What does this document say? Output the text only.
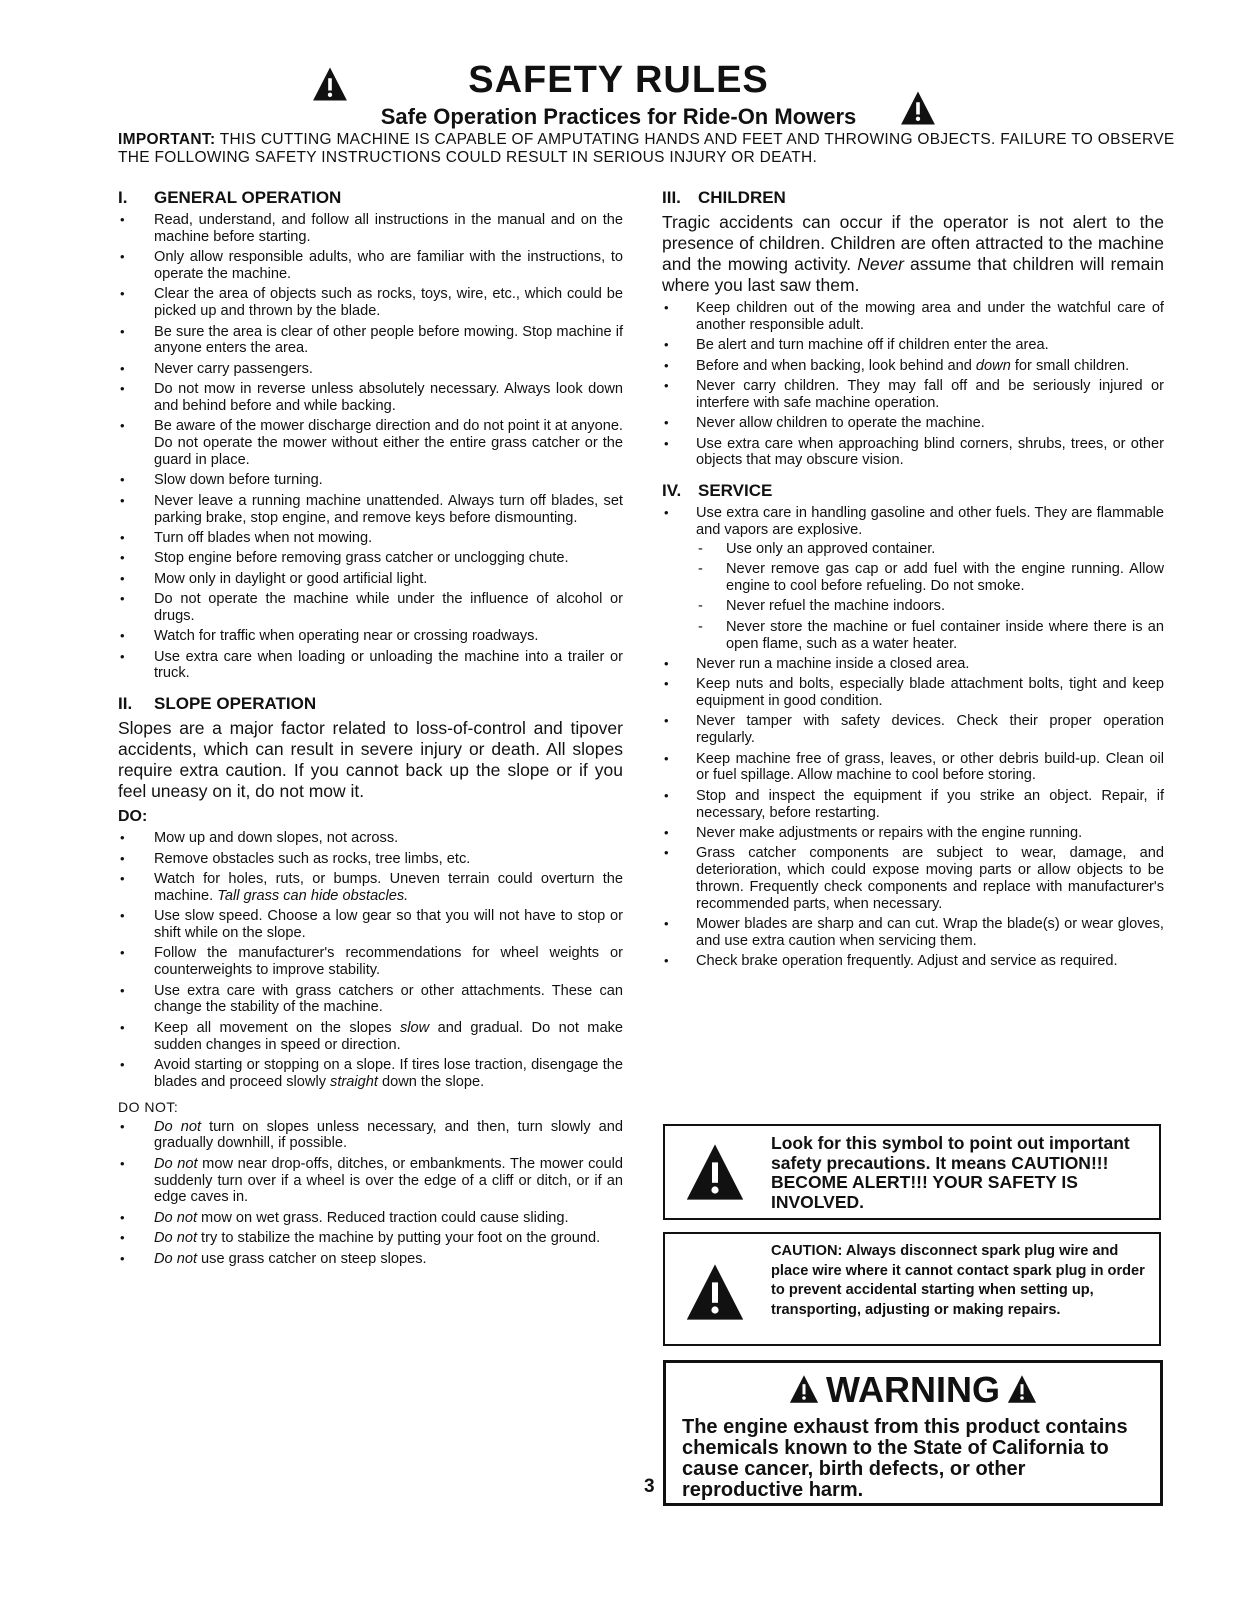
SAFETY RULES
Safe Operation Practices for Ride-On Mowers
IMPORTANT: THIS CUTTING MACHINE IS CAPABLE OF AMPUTATING HANDS AND FEET AND THROWING OBJECTS. FAILURE TO OBSERVE THE FOLLOWING SAFETY INSTRUCTIONS COULD RESULT IN SERIOUS INJURY OR DEATH.
I.	GENERAL OPERATION
• Read, understand, and follow all instructions in the manual and on the machine before starting.
• Only allow responsible adults, who are familiar with the instructions, to operate the machine.
• Clear the area of objects such as rocks, toys, wire, etc., which could be picked up and thrown by the blade.
• Be sure the area is clear of other people before mowing. Stop machine if anyone enters the area.
• Never carry passengers.
• Do not mow in reverse unless absolutely necessary. Always look down and behind before and while backing.
• Be aware of the mower discharge direction and do not point it at anyone. Do not operate the mower without either the entire grass catcher or the guard in place.
• Slow down before turning.
• Never leave a running machine unattended. Always turn off blades, set parking brake, stop engine, and remove keys before dismounting.
• Turn off blades when not mowing.
• Stop engine before removing grass catcher or unclogging chute.
• Mow only in daylight or good artificial light.
• Do not operate the machine while under the influence of alcohol or drugs.
• Watch for traffic when operating near or crossing roadways.
• Use extra care when loading or unloading the machine into a trailer or truck.
II.	SLOPE OPERATION
Slopes are a major factor related to loss-of-control and tipover accidents, which can result in severe injury or death. All slopes require extra caution. If you cannot back up the slope or if you feel uneasy on it, do not mow it.
DO:
• Mow up and down slopes, not across.
• Remove obstacles such as rocks, tree limbs, etc.
• Watch for holes, ruts, or bumps. Uneven terrain could overturn the machine. Tall grass can hide obstacles.
• Use slow speed. Choose a low gear so that you will not have to stop or shift while on the slope.
• Follow the manufacturer's recommendations for wheel weights or counterweights to improve stability.
• Use extra care with grass catchers or other attachments. These can change the stability of the machine.
• Keep all movement on the slopes slow and gradual. Do not make sudden changes in speed or direction.
• Avoid starting or stopping on a slope. If tires lose traction, disengage the blades and proceed slowly straight down the slope.
DO NOT:
• Do not turn on slopes unless necessary, and then, turn slowly and gradually downhill, if possible.
• Do not mow near drop-offs, ditches, or embankments. The mower could suddenly turn over if a wheel is over the edge of a cliff or ditch, or if an edge caves in.
• Do not mow on wet grass. Reduced traction could cause sliding.
• Do not try to stabilize the machine by putting your foot on the ground.
• Do not use grass catcher on steep slopes.
III.	CHILDREN
Tragic accidents can occur if the operator is not alert to the presence of children. Children are often attracted to the machine and the mowing activity. Never assume that children will remain where you last saw them.
• Keep children out of the mowing area and under the watchful care of another responsible adult.
• Be alert and turn machine off if children enter the area.
• Before and when backing, look behind and down for small children.
• Never carry children. They may fall off and be seriously injured or interfere with safe machine operation.
• Never allow children to operate the machine.
• Use extra care when approaching blind corners, shrubs, trees, or other objects that may obscure vision.
IV. SERVICE
• Use extra care in handling gasoline and other fuels. They are flammable and vapors are explosive.
- Use only an approved container.
- Never remove gas cap or add fuel with the engine running. Allow engine to cool before refueling. Do not smoke.
- Never refuel the machine indoors.
- Never store the machine or fuel container inside where there is an open flame, such as a water heater.
• Never run a machine inside a closed area.
• Keep nuts and bolts, especially blade attachment bolts, tight and keep equipment in good condition.
• Never tamper with safety devices. Check their proper operation regularly.
• Keep machine free of grass, leaves, or other debris build-up. Clean oil or fuel spillage. Allow machine to cool before storing.
• Stop and inspect the equipment if you strike an object. Repair, if necessary, before restarting.
• Never make adjustments or repairs with the engine running.
• Grass catcher components are subject to wear, damage, and deterioration, which could expose moving parts or allow objects to be thrown. Frequently check components and replace with manufacturer's recommended parts, when necessary.
• Mower blades are sharp and can cut. Wrap the blade(s) or wear gloves, and use extra caution when servicing them.
• Check brake operation frequently. Adjust and service as required.
Look for this symbol to point out important safety precautions. It means CAUTION!!! BECOME ALERT!!! YOUR SAFETY IS INVOLVED.
CAUTION: Always disconnect spark plug wire and place wire where it cannot contact spark plug in order to prevent accidental starting when setting up, transporting, adjusting or making repairs.
WARNING
The engine exhaust from this product contains chemicals known to the State of California to cause cancer, birth defects, or other reproductive harm.
3
